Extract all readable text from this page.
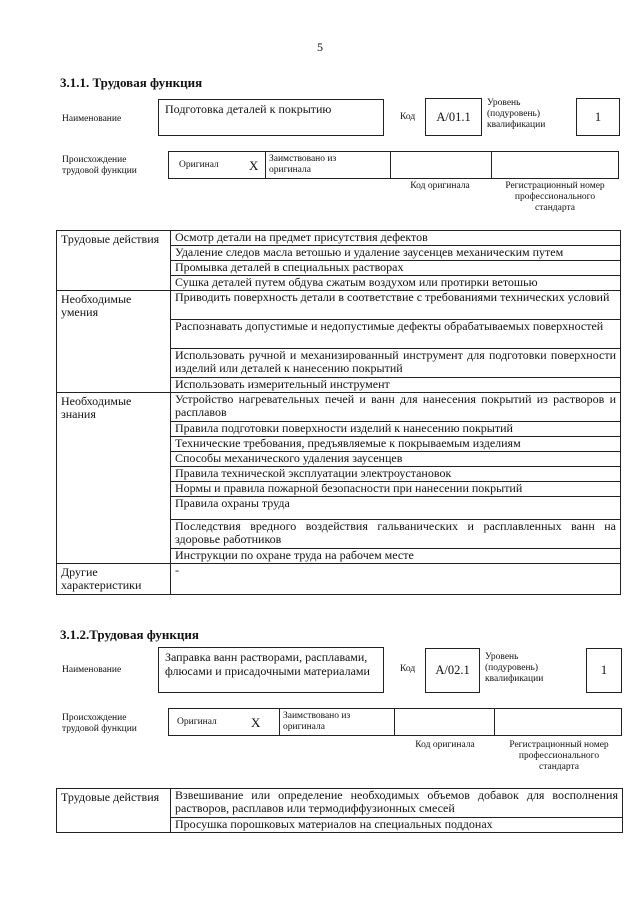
5
3.1.1. Трудовая функция
Наименование
Подготовка деталей к покрытию
Код	A/01.1
Уровень
(подуровень)
квалификации
1
Происхождение
трудовой функции
Оригинал X Заимствовано из
оригинала
Код оригинала	Регистрационный номер
профессионального
стандарта
Трудовые действия	Осмотр детали на предмет присутствия дефектов
	Удаление следов масла ветошью и удаление заусенцев механическим путем
	Промывка деталей в специальных растворах
	Сушка деталей путем обдува сжатым воздухом или протирки ветошью
Необходимые умения	Приводить поверхность детали в соответствие с требованиями технических условий
	Распознавать допустимые и недопустимые дефекты обрабатываемых поверхностей
	Использовать ручной и механизированный инструмент для подготовки поверхности изделий или деталей к нанесению покрытий
	Использовать измерительный инструмент
Необходимые знания	Устройство нагревательных печей и ванн для нанесения покрытий из растворов и расплавов
	Правила подготовки поверхности изделий к нанесению покрытий
	Технические требования, предъявляемые к покрываемым изделиям
	Способы механического удаления заусенцев
	Правила технической эксплуатации электроустановок
	Нормы и правила пожарной безопасности при нанесении покрытий
	Правила охраны труда
	Последствия вредного воздействия гальванических и расплавленных ванн на здоровье работников
	Инструкции по охране труда на рабочем месте
Другие характеристики	-
3.1.2.Трудовая функция
Наименование
Заправка ванн растворами, расплавами, флюсами и присадочными материалами	Код	A/02.1
Уровень
(подуровень)
квалификации
1
Происхождение
трудовой функции
Оригинал	X Заимствовано из
оригинала
Код оригинала	Регистрационный номер
профессионального
стандарта
Трудовые действия	Взвешивание или определение необходимых объемов добавок для восполнения растворов, расплавов или термодиффузионных смесей
Просушка порошковых материалов на специальных поддонах
